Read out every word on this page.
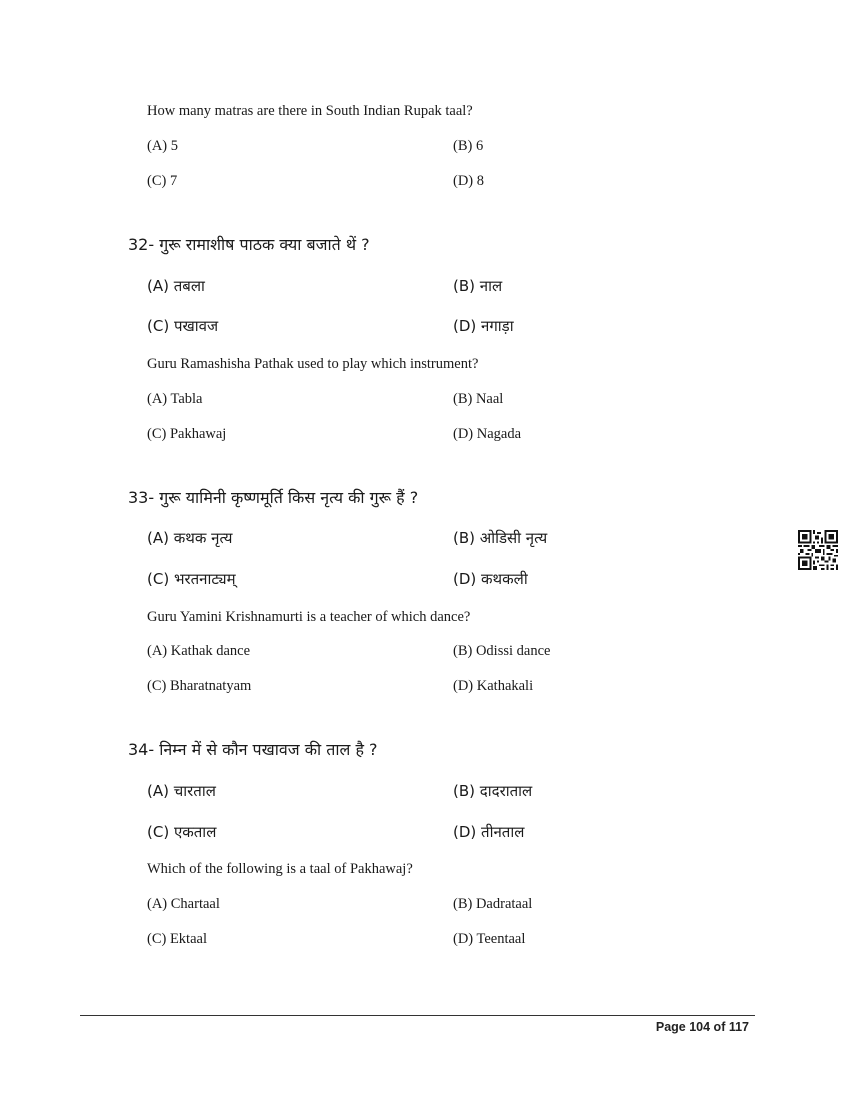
How many matras are there in South Indian Rupak taal?
(A) 5	(B) 6
(C) 7	(D) 8
32- गुरू रामाशीष पाठक क्या बजाते थें ?
(A) तबला	(B) नाल
(C) पखावज	(D) नगाड़ा
Guru Ramashisha Pathak used to play which instrument?
(A) Tabla	(B) Naal
(C) Pakhawaj	(D) Nagada
33- गुरू यामिनी कृष्णमूर्ति किस नृत्य की गुरू हैं ?
(A) कथक नृत्य	(B) ओडिसी नृत्य
(C) भरतनाट्यम्	(D) कथकली
Guru Yamini Krishnamurti is a teacher of which dance?
(A) Kathak dance	(B) Odissi dance
(C) Bharatnatyam	(D) Kathakali
34- निम्न में से कौन पखावज की ताल है ?
(A) चारताल	(B) दादराताल
(C) एकताल	(D) तीनताल
Which of the following is a taal of Pakhawaj?
(A) Chartaal	(B) Dadrataal
(C) Ektaal	(D) Teentaal
Page 104 of 117
